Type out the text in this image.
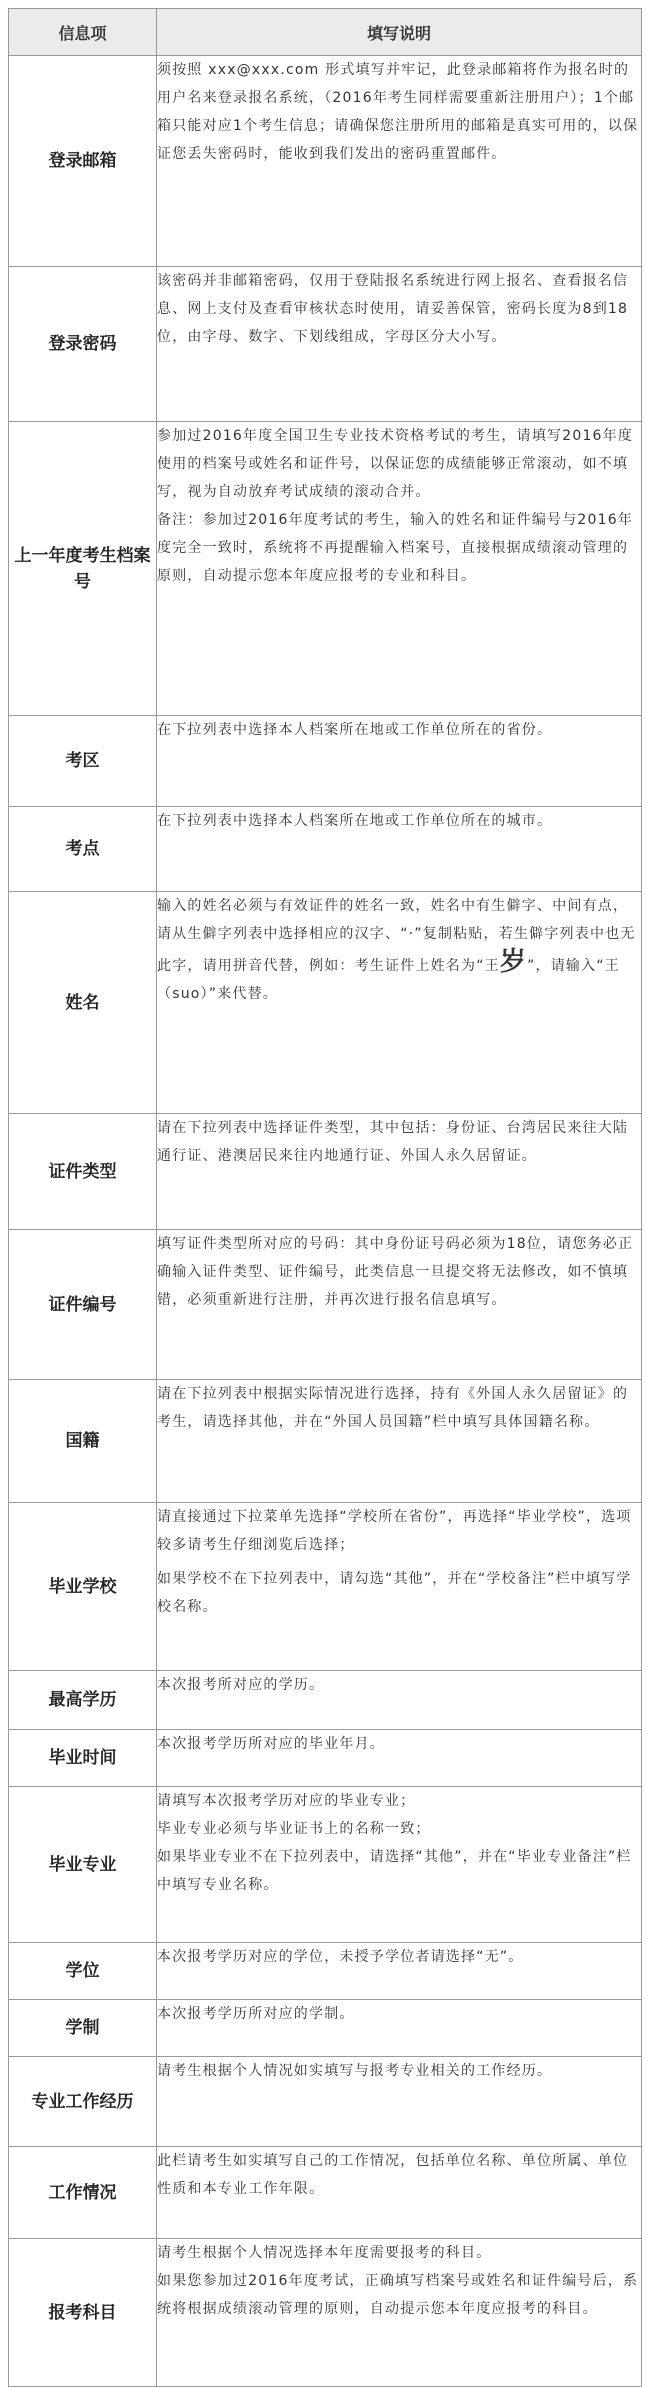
信息项	填写说明
登录邮箱	须按照 xxx@xxx.com 形式填写并牢记，此登录邮箱将作为报名时的用户名来登录报名系统，（2016年考生同样需要重新注册用户）；1个邮箱只能对应1个考生信息；请确保您注册所用的邮箱是真实可用的，以保证您丢失密码时，能收到我们发出的密码重置邮件。

登录密码	该密码并非邮箱密码，仅用于登陆报名系统进行网上报名、查看报名信息、网上支付及查看审核状态时使用，请妥善保管，密码长度为8到18位，由字母、数字、下划线组成，字母区分大小写。

上一年度考生档案号	参加过2016年度全国卫生专业技术资格考试的考生，请填写2016年度使用的档案号或姓名和证件号，以保证您的成绩能够正常滚动，如不填写，视为自动放弃考试成绩的滚动合并。

备注：参加过2016年度考试的考生，输入的姓名和证件编号与2016年度完全一致时，系统将不再提醒输入档案号，直接根据成绩滚动管理的原则，自动提示您本年度应报考的专业和科目。

考区	在下拉列表中选择本人档案所在地或工作单位所在的省份。

考点	在下拉列表中选择本人档案所在地或工作单位所在的城市。

姓名	输入的姓名必须与有效证件的姓名一致，姓名中有生僻字、中间有点，请从生僻字列表中选择相应的汉字、“·”复制粘贴，若生僻字列表中也无此字，请用拼音代替，例如：考生证件上姓名为“王岁”，请输入“王（suo）”来代替。

证件类型	请在下拉列表中选择证件类型，其中包括：身份证、台湾居民来往大陆通行证、港澳居民来往内地通行证、外国人永久居留证。

证件编号	填写证件类型所对应的号码：其中身份证号码必须为18位，请您务必正确输入证件类型、证件编号，此类信息一旦提交将无法修改，如不慎填错，必须重新进行注册，并再次进行报名信息填写。

国籍	请在下拉列表中根据实际情况进行选择，持有《外国人永久居留证》的考生，请选择其他，并在“外国人员国籍”栏中填写具体国籍名称。

毕业学校	请直接通过下拉菜单先选择“学校所在省份”，再选择“毕业学校”，选项较多请考生仔细浏览后选择；

如果学校不在下拉列表中，请勾选“其他”，并在“学校备注”栏中填写学校名称。

最高学历	本次报考所对应的学历。

毕业时间	本次报考学历所对应的毕业年月。

毕业专业	请填写本次报考学历对应的毕业专业；

毕业专业必须与毕业证书上的名称一致；

如果毕业专业不在下拉列表中，请选择“其他”，并在“毕业专业备注”栏中填写专业名称。

学位	本次报考学历对应的学位，未授予学位者请选择“无”。

学制	本次报考学历所对应的学制。

专业工作经历	请考生根据个人情况如实填写与报考专业相关的工作经历。

工作情况	此栏请考生如实填写自己的工作情况，包括单位名称、单位所属、单位性质和本专业工作年限。

报考科目	请考生根据个人情况选择本年度需要报考的科目。

如果您参加过2016年度考试，正确填写档案号或姓名和证件编号后，系统将根据成绩滚动管理的原则，自动提示您本年度应报考的科目。
